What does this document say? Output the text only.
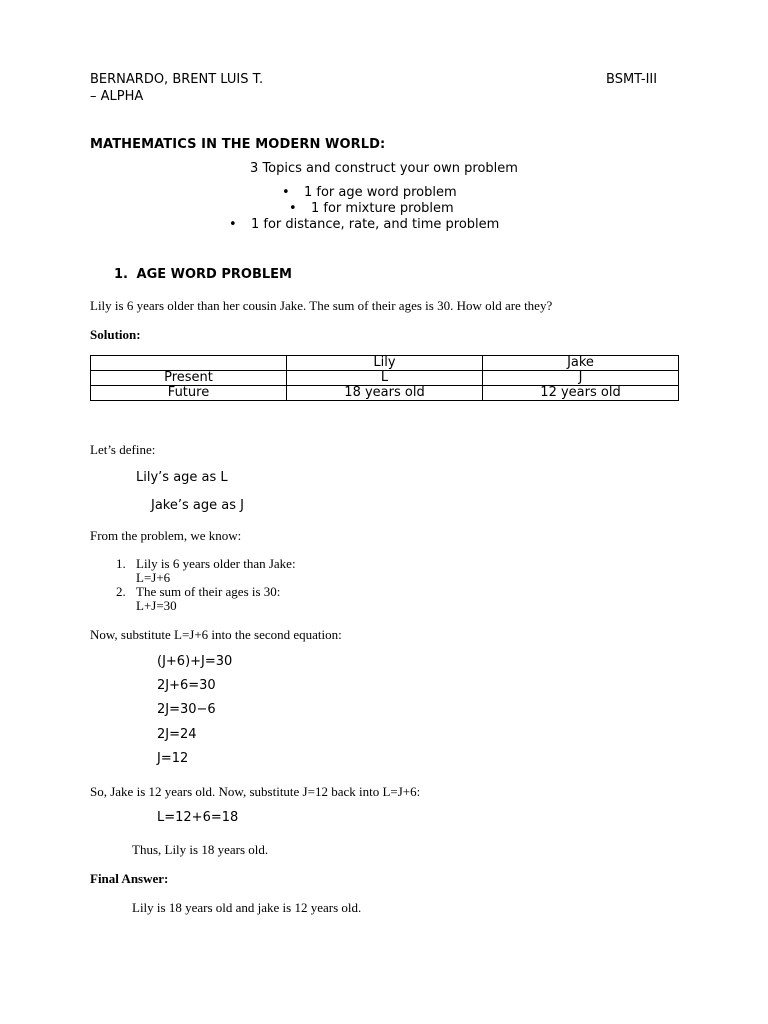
BERNARDO, BRENT LUIS T.
– ALPHA
BSMT-III
MATHEMATICS IN THE MODERN WORLD:
3 Topics and construct your own problem
• 1 for age word problem
• 1 for mixture problem
• 1 for distance, rate, and time problem
1. AGE WORD PROBLEM
Lily is 6 years older than her cousin Jake. The sum of their ages is 30. How old are they?
Solution:
	Lily	Jake
Present	L	J
Future	18 years old	12 years old
Let’s define:
Lily’s age as L
Jake’s age as J
From the problem, we know:
1. Lily is 6 years older than Jake:
L=J+6
2. The sum of their ages is 30:
L+J=30
Now, substitute L=J+6 into the second equation:
(J+6)+J=30
2J+6=30
2J=30−6
2J=24
J=12
So, Jake is 12 years old. Now, substitute J=12 back into L=J+6:
L=12+6=18
Thus, Lily is 18 years old.
Final Answer:
Lily is 18 years old and jake is 12 years old.
